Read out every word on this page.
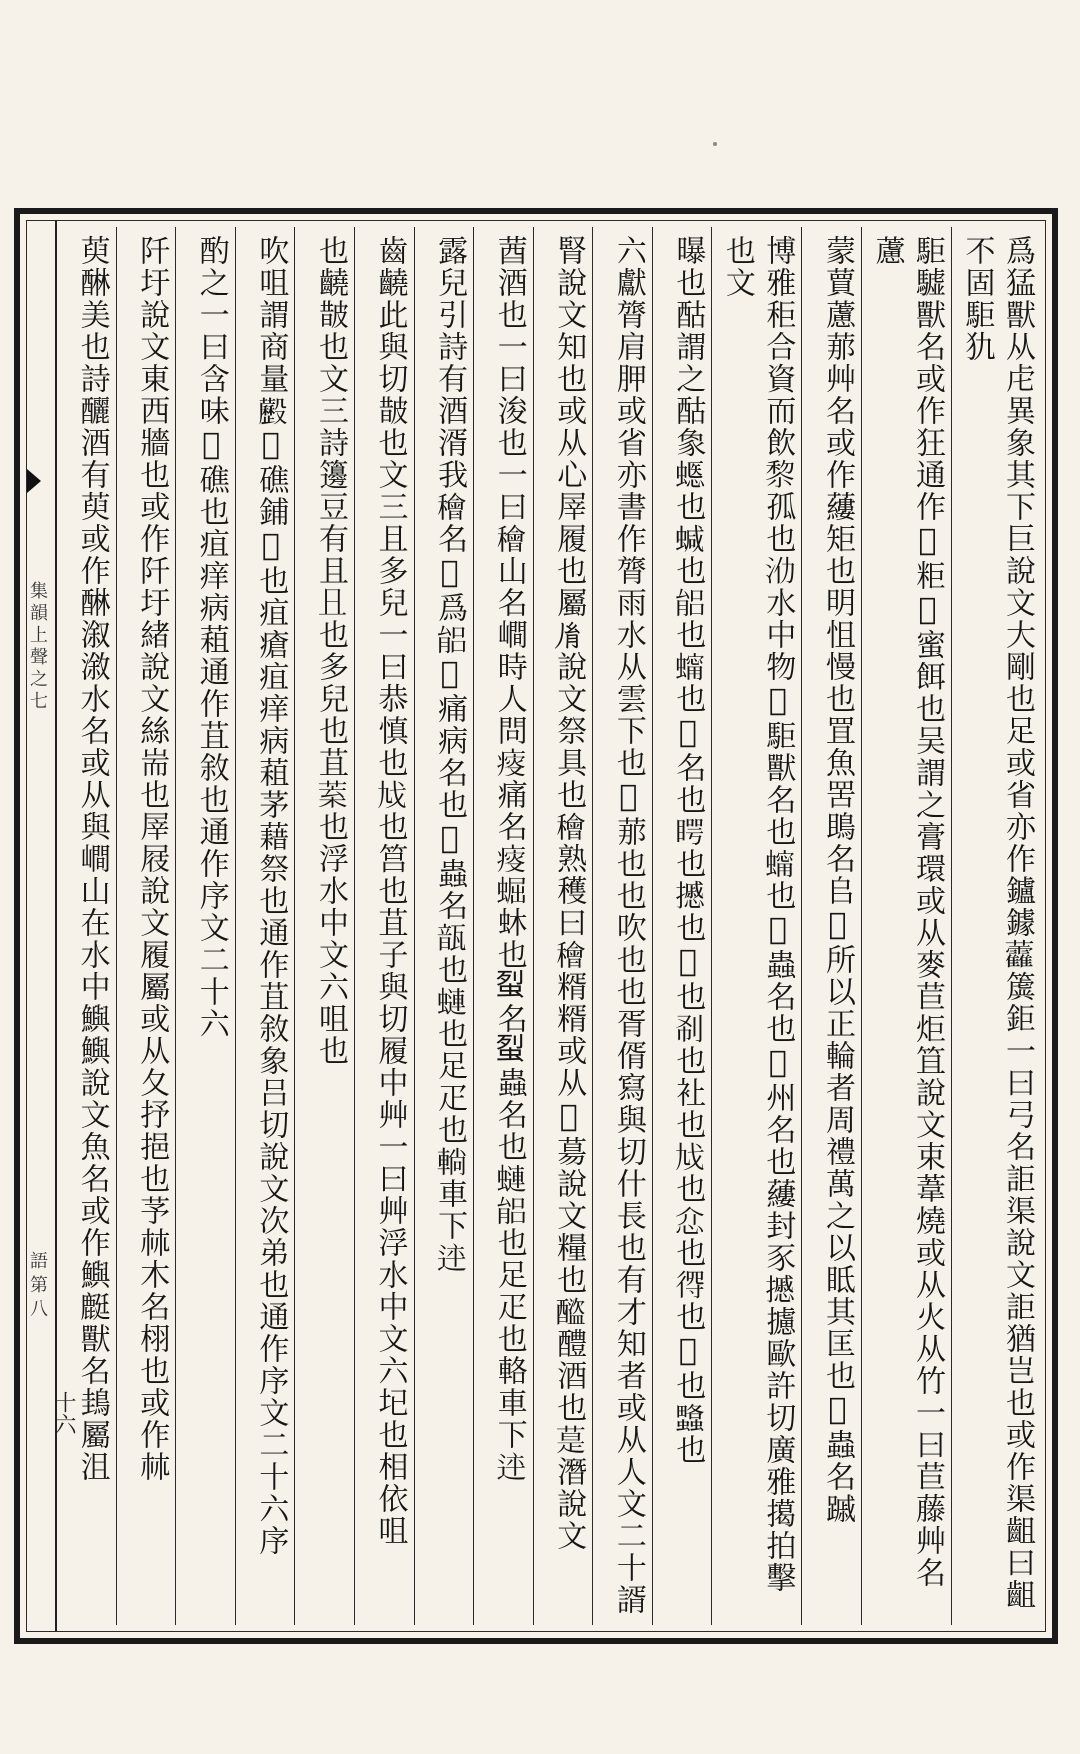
集韻上聲之七
語第八
十六	爲猛獸从虍異象其下巨說文大剛也足或省亦作鑪鐻𧆑簴鉅一曰弓名詎渠說文詎猶岂也或作渠齟曰齟不固駏犰
駏驉獸名或作狂通作𢓐粔𥹃蜜餌也吴謂之膏環或从麥苣炬笡說文束葦燒或从火从竹一曰苣藤艸名藘
蒙蕒藘𦰡艸名或作𧃒矩也明怚慢也罝魚罟鴡名𠂤𦮱所以正輪者周禮萬之以眡其匡也𧌑蟲名䠞
博雅秬合資而飲𥟖孤也𣲒水中物𩬈駏獸名也𧑗也𧓦蟲名也𨐲州名也𧃒封豕𢷾攄歐許切廣雅擖拍擊也文
曝也酤謂之酤𧰼𧏽也𧍧也𦝕也𧑗也𧓦名也𥈭也𢷾也𣦊也𠛚也𧘕也𢦎也𢗊也𢔨也𧒴也𧕌也
六獻膂肩胛或省亦書作膂雨水从雲下也𦭩𦰡也也吹也也胥偦寫與切什長也有才知者或从人文二十諝
腎說文知也或从心屖履也屬𦙍說文祭具也𥢶熟穫曰𥢶糈糈或从𥞓𦳝說文糧也𨣕醴酒也𦳚潛說文
莤酒也一曰浚也一曰𥢶山名𡼏時人問𤸃痛名𤸃𧌑蚞也𧊿名𧊿蟲名也𧐖𦝕也足疋也輅車下𨒳
露兒引詩有酒湑我𥢶名𦘱爲𦝕𤵅痛病名也𧊿蟲名𩐛也𧐖也足疋也𨌩車下𨒳
齒䶧此與切皵也文三且多兒一曰恭慎也𢦎也筥也苴子與切履中艸一曰艸浮水中文六𡉏也相依咀
也䶧皵也文三詩籩豆有且𠀇也多兒也苴𦯧也浮水中文六咀也
吹咀謂商量𣫧𥕬礁鋪𥕬也疽瘡疽痒病蒩茅藉祭也通作苴敘象吕切說文次弟也通作序文二十六序
酌之一曰含味𥕬礁也疽痒病蒩通作苴敘也通作序文二十六
阡圩說文東西牆也或作阡圩緒說文絲耑也屖屐說文履屬或从夂抒挹也芧𣏟木名栩也或作𣏟
萸醂美也詩釃酒有萸或作醂溆漵水名或从與𡼏山在水中鱮鱮說文魚名或作鱮𪊶獸名䳏屬沮
